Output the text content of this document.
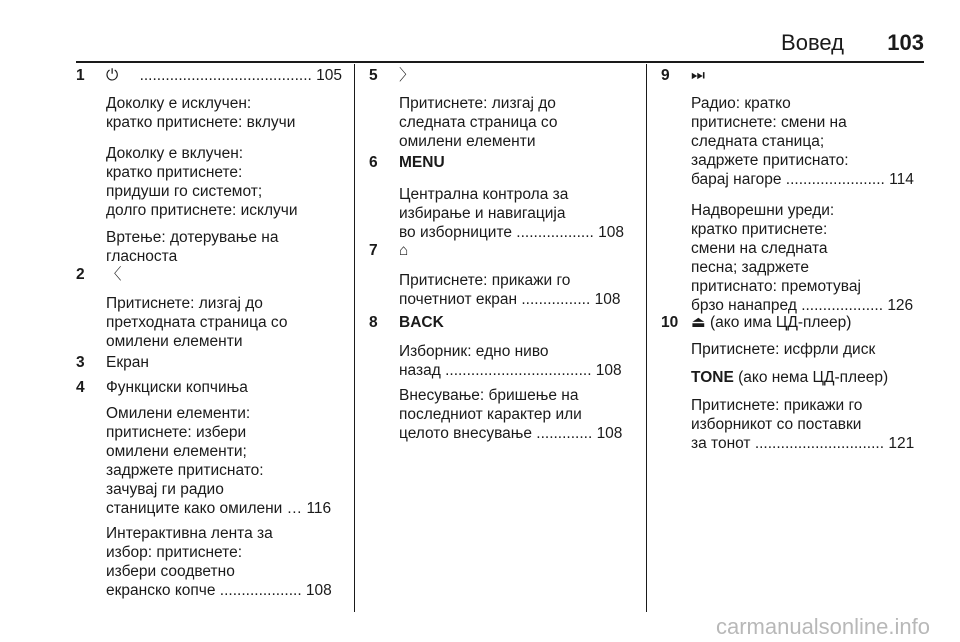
Вовед 103
1 ⏻ ........................................ 105
Доколку е исклучен:
кратко притиснете: вклучи
Доколку е вклучен:
кратко притиснете:
придуши го системот;
долго притиснете: исклучи
Вртење: дотерување на
гласноста
2 〈
Притиснете: лизгај до
претходната страница со
омилени елементи
3 Екран
4 Функциски копчиња
Омилени елементи:
притиснете: избери
омилени елементи;
задржете притиснато:
зачувај ги радио
станиците како омилени … 116
Интерактивна лента за
избор: притиснете:
избери соодветно
екранско копче ................... 108
5 〉
Притиснете: лизгај до
следната страница со
омилени елементи
6 MENU
Централна контрола за
избирање и навигација
во изборниците .................. 108
7 ⌂
Притиснете: прикажи го
почетниот екран ................ 108
8 BACK
Изборник: едно ниво
назад .................................. 108
Внесување: бришење на
последниот карактер или
целото внесување ............. 108
9 ⏭
Радио: кратко
притиснете: смени на
следната станица;
задржете притиснато:
барај нагоре ....................... 114
Надворешни уреди:
кратко притиснете:
смени на следната
песна; задржете
притиснато: премотувај
брзо нанапред ................... 126
10 ⏏ (ако има ЦД-плеер)
Притиснете: исфрли диск
TONE (ако нема ЦД-плеер)
Притиснете: прикажи го
изборникот со поставки
за тонот .............................. 121
carmanualsonline.info
